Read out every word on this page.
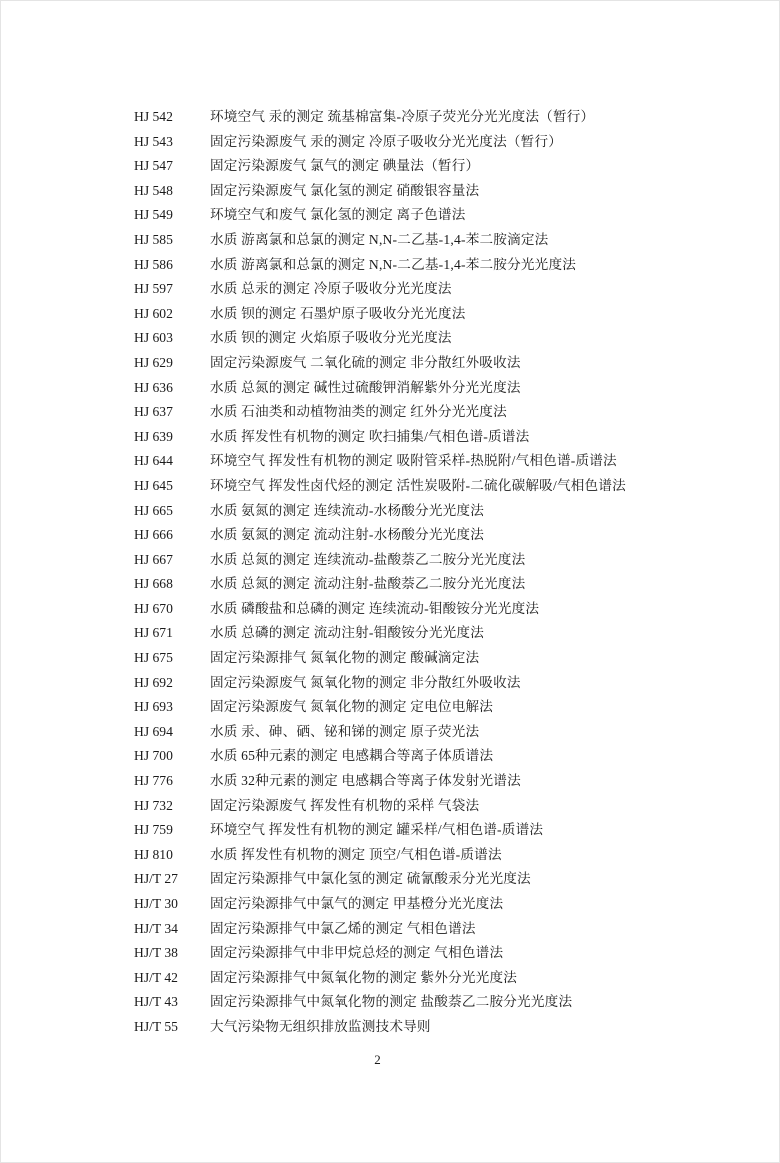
HJ 542	环境空气 汞的测定 巯基棉富集-冷原子荧光分光光度法（暂行）
HJ 543	固定污染源废气 汞的测定 冷原子吸收分光光度法（暂行）
HJ 547	固定污染源废气 氯气的测定 碘量法（暂行）
HJ 548	固定污染源废气 氯化氢的测定 硝酸银容量法
HJ 549	环境空气和废气 氯化氢的测定 离子色谱法
HJ 585	水质 游离氯和总氯的测定 N,N-二乙基-1,4-苯二胺滴定法
HJ 586	水质 游离氯和总氯的测定 N,N-二乙基-1,4-苯二胺分光光度法
HJ 597	水质 总汞的测定 冷原子吸收分光光度法
HJ 602	水质 钡的测定 石墨炉原子吸收分光光度法
HJ 603	水质 钡的测定 火焰原子吸收分光光度法
HJ 629	固定污染源废气 二氧化硫的测定 非分散红外吸收法
HJ 636	水质 总氮的测定 碱性过硫酸钾消解紫外分光光度法
HJ 637	水质 石油类和动植物油类的测定 红外分光光度法
HJ 639	水质 挥发性有机物的测定 吹扫捕集/气相色谱-质谱法
HJ 644	环境空气 挥发性有机物的测定 吸附管采样-热脱附/气相色谱-质谱法
HJ 645	环境空气 挥发性卤代烃的测定 活性炭吸附-二硫化碳解吸/气相色谱法
HJ 665	水质 氨氮的测定 连续流动-水杨酸分光光度法
HJ 666	水质 氨氮的测定 流动注射-水杨酸分光光度法
HJ 667	水质 总氮的测定 连续流动-盐酸萘乙二胺分光光度法
HJ 668	水质 总氮的测定 流动注射-盐酸萘乙二胺分光光度法
HJ 670	水质 磷酸盐和总磷的测定 连续流动-钼酸铵分光光度法
HJ 671	水质 总磷的测定 流动注射-钼酸铵分光光度法
HJ 675	固定污染源排气 氮氧化物的测定 酸碱滴定法
HJ 692	固定污染源废气 氮氧化物的测定 非分散红外吸收法
HJ 693	固定污染源废气 氮氧化物的测定 定电位电解法
HJ 694	水质 汞、砷、硒、铋和锑的测定 原子荧光法
HJ 700	水质 65种元素的测定 电感耦合等离子体质谱法
HJ 776	水质 32种元素的测定 电感耦合等离子体发射光谱法
HJ 732	固定污染源废气 挥发性有机物的采样 气袋法
HJ 759	环境空气 挥发性有机物的测定 罐采样/气相色谱-质谱法
HJ 810	水质 挥发性有机物的测定 顶空/气相色谱-质谱法
HJ/T 27 固定污染源排气中氯化氢的测定 硫氰酸汞分光光度法
HJ/T 30 固定污染源排气中氯气的测定 甲基橙分光光度法
HJ/T 34 固定污染源排气中氯乙烯的测定 气相色谱法
HJ/T 38 固定污染源排气中非甲烷总烃的测定 气相色谱法
HJ/T 42 固定污染源排气中氮氧化物的测定 紫外分光光度法
HJ/T 43 固定污染源排气中氮氧化物的测定 盐酸萘乙二胺分光光度法
HJ/T 55 大气污染物无组织排放监测技术导则
2
